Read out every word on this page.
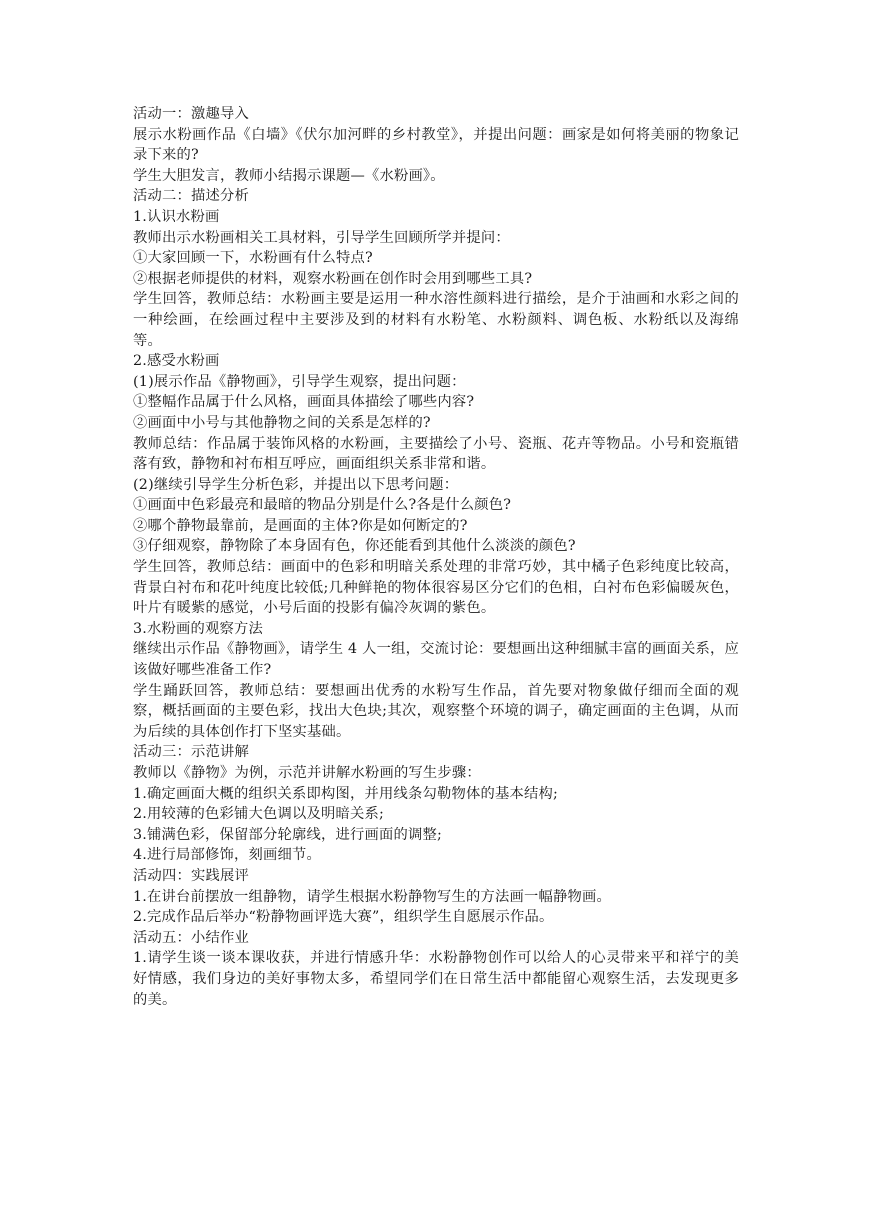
活动一：激趣导入
展示水粉画作品《白墙》《伏尔加河畔的乡村教堂》，并提出问题：画家是如何将美丽的物象记录下来的?
学生大胆发言，教师小结揭示课题—《水粉画》。
活动二：描述分析
1.认识水粉画
教师出示水粉画相关工具材料，引导学生回顾所学并提问：
①大家回顾一下，水粉画有什么特点?
②根据老师提供的材料，观察水粉画在创作时会用到哪些工具?
学生回答，教师总结：水粉画主要是运用一种水溶性颜料进行描绘，是介于油画和水彩之间的一种绘画，在绘画过程中主要涉及到的材料有水粉笔、水粉颜料、调色板、水粉纸以及海绵等。
2.感受水粉画
(1)展示作品《静物画》，引导学生观察，提出问题：
①整幅作品属于什么风格，画面具体描绘了哪些内容?
②画面中小号与其他静物之间的关系是怎样的?
教师总结：作品属于装饰风格的水粉画，主要描绘了小号、瓷瓶、花卉等物品。小号和瓷瓶错落有致，静物和衬布相互呼应，画面组织关系非常和谐。
(2)继续引导学生分析色彩，并提出以下思考问题：
①画面中色彩最亮和最暗的物品分别是什么?各是什么颜色?
②哪个静物最靠前，是画面的主体?你是如何断定的?
③仔细观察，静物除了本身固有色，你还能看到其他什么淡淡的颜色?
学生回答，教师总结：画面中的色彩和明暗关系处理的非常巧妙，其中橘子色彩纯度比较高，背景白衬布和花叶纯度比较低;几种鲜艳的物体很容易区分它们的色相，白衬布色彩偏暖灰色，叶片有暖紫的感觉，小号后面的投影有偏冷灰调的紫色。
3.水粉画的观察方法
继续出示作品《静物画》，请学生 4 人一组，交流讨论：要想画出这种细腻丰富的画面关系，应该做好哪些准备工作?
学生踊跃回答，教师总结：要想画出优秀的水粉写生作品，首先要对物象做仔细而全面的观察，概括画面的主要色彩，找出大色块;其次，观察整个环境的调子，确定画面的主色调，从而为后续的具体创作打下坚实基础。
活动三：示范讲解
教师以《静物》为例，示范并讲解水粉画的写生步骤：
1.确定画面大概的组织关系即构图，并用线条勾勒物体的基本结构;
2.用较薄的色彩铺大色调以及明暗关系;
3.铺满色彩，保留部分轮廓线，进行画面的调整;
4.进行局部修饰，刻画细节。
活动四：实践展评
1.在讲台前摆放一组静物，请学生根据水粉静物写生的方法画一幅静物画。
2.完成作品后举办“粉静物画评选大赛”，组织学生自愿展示作品。
活动五：小结作业
1.请学生谈一谈本课收获，并进行情感升华：水粉静物创作可以给人的心灵带来平和祥宁的美好情感，我们身边的美好事物太多，希望同学们在日常生活中都能留心观察生活，去发现更多的美。
